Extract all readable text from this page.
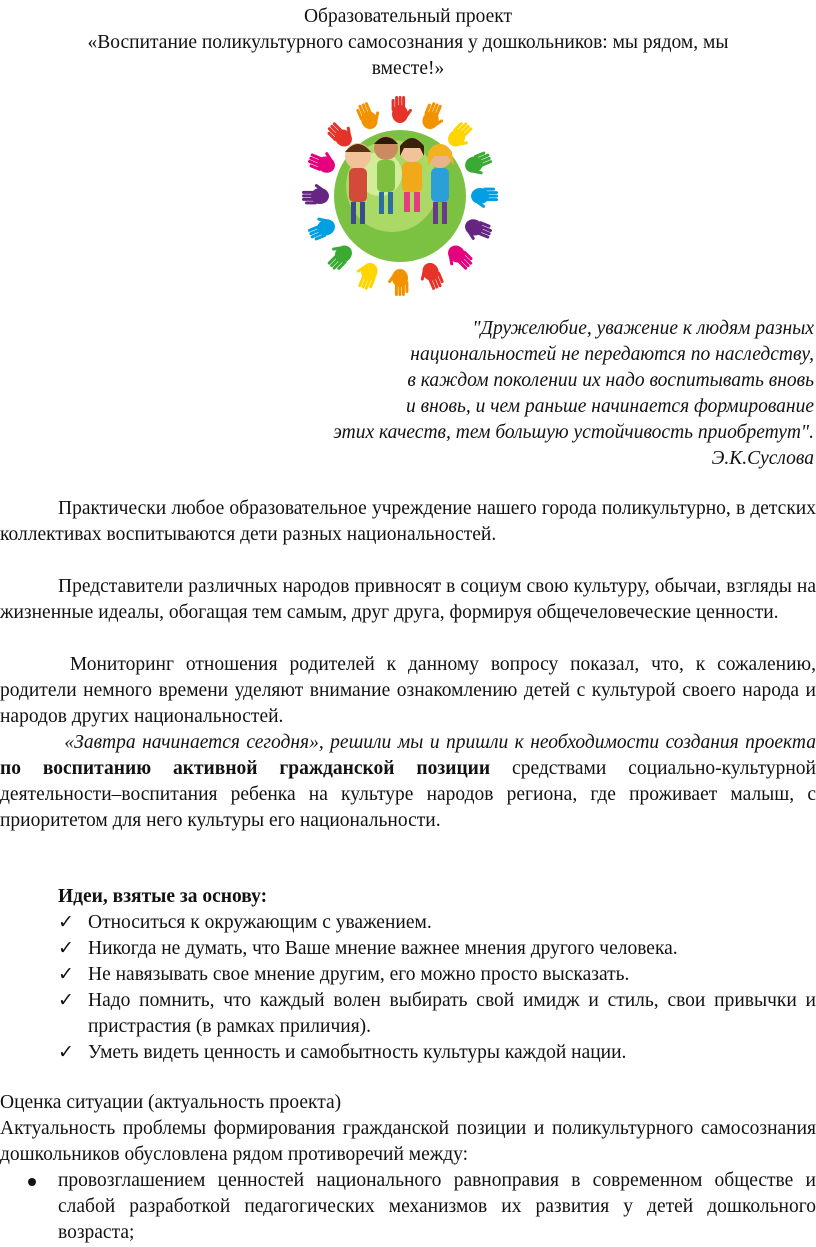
Образовательный проект
«Воспитание поликультурного самосознания у дошкольников: мы рядом, мы
вместе!»
"Дружелюбие, уважение к людям разных
национальностей не передаются по наследству,
в каждом поколении их надо воспитывать вновь
и вновь, и чем раньше начинается формирование
этих качеств, тем большую устойчивость приобретут".
Э.К.Суслова
Практически любое образовательное учреждение нашего города поликультурно, в детских коллективах воспитываются дети разных национальностей.
Представители различных народов привносят в социум свою культуру, обычаи, взгляды на жизненные идеалы, обогащая тем самым, друг друга, формируя общечеловеческие ценности.
Мониторинг отношения родителей к данному вопросу показал, что, к сожалению, родители немного времени уделяют внимание ознакомлению детей с культурой своего народа и народов других национальностей.
«Завтра начинается сегодня», решили мы и пришли к необходимости создания проекта по воспитанию активной гражданской позиции средствами социально-культурной деятельности–воспитания ребенка на культуре народов региона, где проживает малыш, с приоритетом для него культуры его национальности.
Идеи, взятые за основу:
✓ Относиться к окружающим с уважением.
✓ Никогда не думать, что Ваше мнение важнее мнения другого человека.
✓ Не навязывать свое мнение другим, его можно просто высказать.
✓ Надо помнить, что каждый волен выбирать свой имидж и стиль, свои привычки и пристрастия (в рамках приличия).
✓ Уметь видеть ценность и самобытность культуры каждой нации.
Оценка ситуации (актуальность проекта)
Актуальность проблемы формирования гражданской позиции и поликультурного самосознания дошкольников обусловлена рядом противоречий между:
провозглашением ценностей национального равноправия в современном обществе и слабой разработкой педагогических механизмов их развития у детей дошкольного возраста;
